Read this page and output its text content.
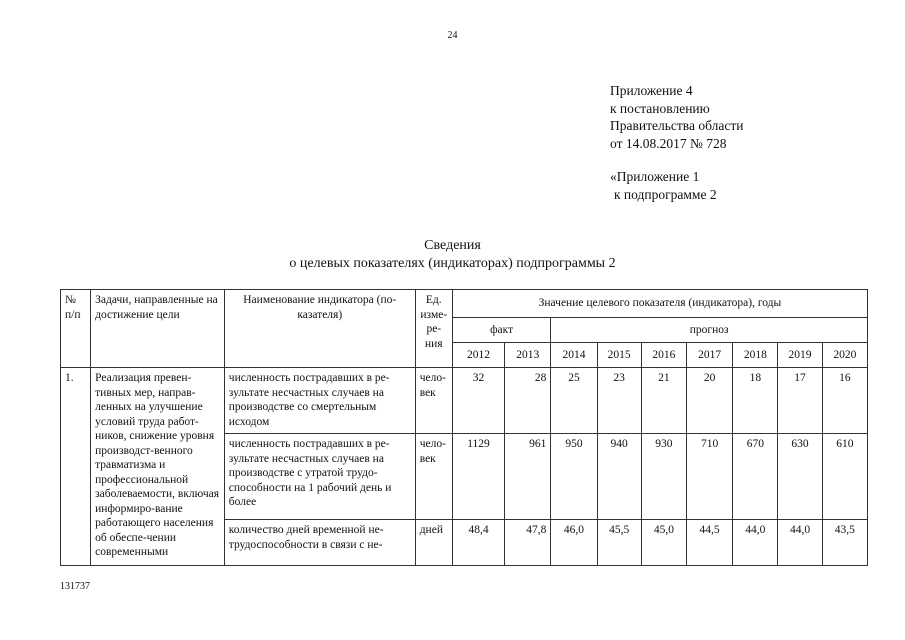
24
Приложение 4
к постановлению
Правительства области
от 14.08.2017 № 728
«Приложение 1
к подпрограмме 2
Сведения
о целевых показателях (индикаторах) подпрограммы 2
№ п/п	Задачи, направленные на достижение цели	Наименование индикатора (по-казателя)	Ед. изме-ре-ния	Значение целевого показателя (индикатора), годы								
				факт		прогноз						
				2012	2013	2014	2015	2016	2017	2018	2019	2020
1.	Реализация превен-тивных мер, направ-ленных на улучшение условий труда работ-ников, снижение уровня производст-венного травматизма и профессиональной заболеваемости, включая информиро-вание работающего населения об обеспе-чении современными	численность пострадавших в ре-зультате несчастных случаев на производстве со смертельным исходом	чело-век	32	28	25	23	21	20	18	17	16
		численность пострадавших в ре-зультате несчастных случаев на производстве с утратой трудо-способности на 1 рабочий день и более	чело-век	1129	961	950	940	930	710	670	630	610
		количество дней временной не-трудоспособности в связи с не-	дней	48,4	47,8	46,0	45,5	45,0	44,5	44,0	44,0	43,5
131737
